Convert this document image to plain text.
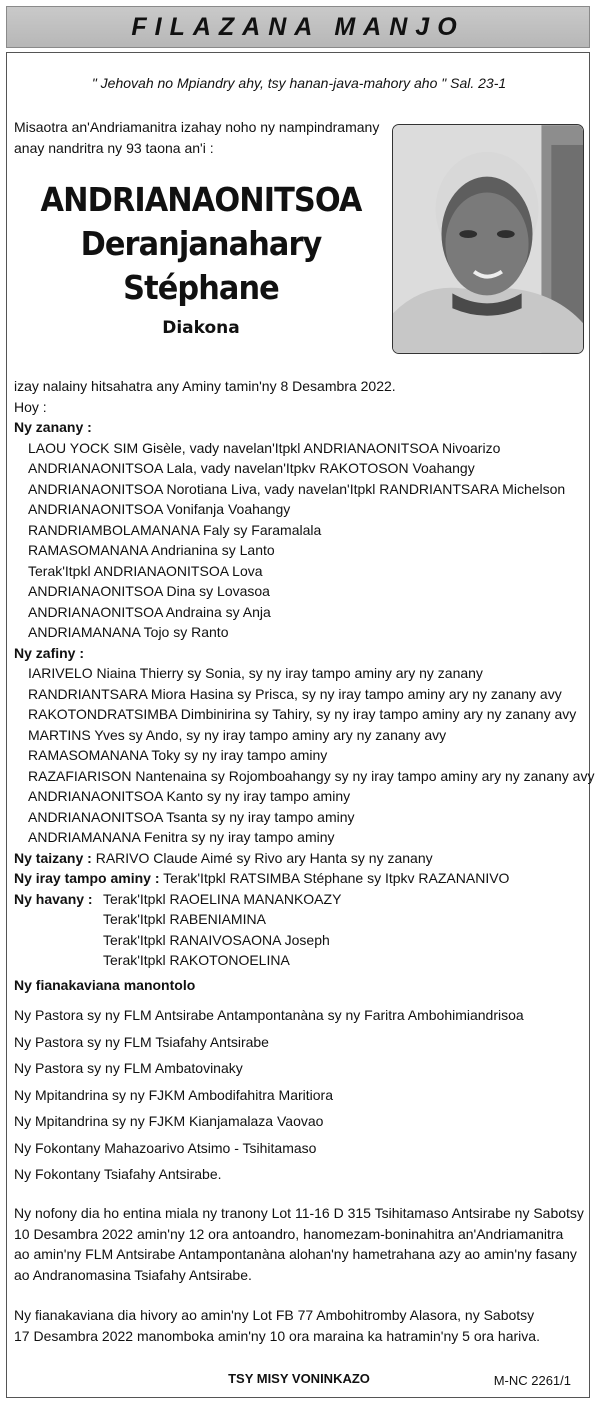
FILAZANA MANJO
" Jehovah no Mpiandry ahy, tsy hanan-java-mahory aho " Sal. 23-1
Misaotra an'Andriamanitra izahay noho ny nampindramany
anay nandritra ny 93 taona an'i :
ANDRIANAONITSOA
Deranjanahary
Stéphane
Diakona
izay nalainy hitsahatra any Aminy tamin'ny 8 Desambra 2022.
Hoy :
Ny zanany :
LAOU YOCK SIM Gisèle, vady navelan'Itpkl ANDRIANAONITSOA Nivoarizo
ANDRIANAONITSOA Lala, vady navelan'Itpkv RAKOTOSON Voahangy
ANDRIANAONITSOA Norotiana Liva, vady navelan'Itpkl RANDRIANTSARA Michelson
ANDRIANAONITSOA Vonifanja Voahangy
RANDRIAMBOLAMANANA Faly sy Faramalala
RAMASOMANANA Andrianina sy Lanto
Terak'Itpkl ANDRIANAONITSOA Lova
ANDRIANAONITSOA Dina sy Lovasoa
ANDRIANAONITSOA Andraina sy Anja
ANDRIAMANANA Tojo sy Ranto
Ny zafiny :
IARIVELO Niaina Thierry sy Sonia, sy ny iray tampo aminy ary ny zanany
RANDRIANTSARA Miora Hasina sy Prisca, sy ny iray tampo aminy ary ny zanany avy
RAKOTONDRATSIMBA Dimbinirina sy Tahiry, sy ny iray tampo aminy ary ny zanany avy
MARTINS Yves sy Ando, sy ny iray tampo aminy ary ny zanany avy
RAMASOMANANA Toky sy ny iray tampo aminy
RAZAFIARISON Nantenaina sy Rojomboahangy sy ny iray tampo aminy ary ny zanany avy
ANDRIANAONITSOA Kanto sy ny iray tampo aminy
ANDRIANAONITSOA Tsanta sy ny iray tampo aminy
ANDRIAMANANA Fenitra sy ny iray tampo aminy
Ny taizany : RARIVO Claude Aimé sy Rivo ary Hanta sy ny zanany
Ny iray tampo aminy : Terak'Itpkl RATSIMBA Stéphane sy Itpkv RAZANANIVO
Ny havany : Terak'Itpkl RAOELINA MANANKOAZY
Terak'Itpkl RABENIAMINA
Terak'Itpkl RANAIVOSAONA Joseph
Terak'Itpkl RAKOTONOELINA
Ny fianakaviana manontolo
Ny Pastora sy ny FLM Antsirabe Antampontanàna sy ny Faritra Ambohimiandrisoa
Ny Pastora sy ny FLM Tsiafahy Antsirabe
Ny Pastora sy ny FLM Ambatovinaky
Ny Mpitandrina sy ny FJKM Ambodifahitra Maritiora
Ny Mpitandrina sy ny FJKM Kianjamalaza Vaovao
Ny Fokontany Mahazoarivo Atsimo - Tsihitamaso
Ny Fokontany Tsiafahy Antsirabe.
Ny nofony dia ho entina miala ny tranony Lot 11-16 D 315 Tsihitamaso Antsirabe ny Sabotsy
10 Desambra 2022 amin'ny 12 ora antoandro, hanomezam-boninahitra an'Andriamanitra
ao amin'ny FLM Antsirabe Antampontanàna alohan'ny hametrahana azy ao amin'ny fasany
ao Andranomasina Tsiafahy Antsirabe.
Ny fianakaviana dia hivory ao amin'ny Lot FB 77 Ambohitromby Alasora, ny Sabotsy
17 Desambra 2022 manomboka amin'ny 10 ora maraina ka hatramin'ny 5 ora hariva.
TSY MISY VONINKAZO	M-NC 2261/1
